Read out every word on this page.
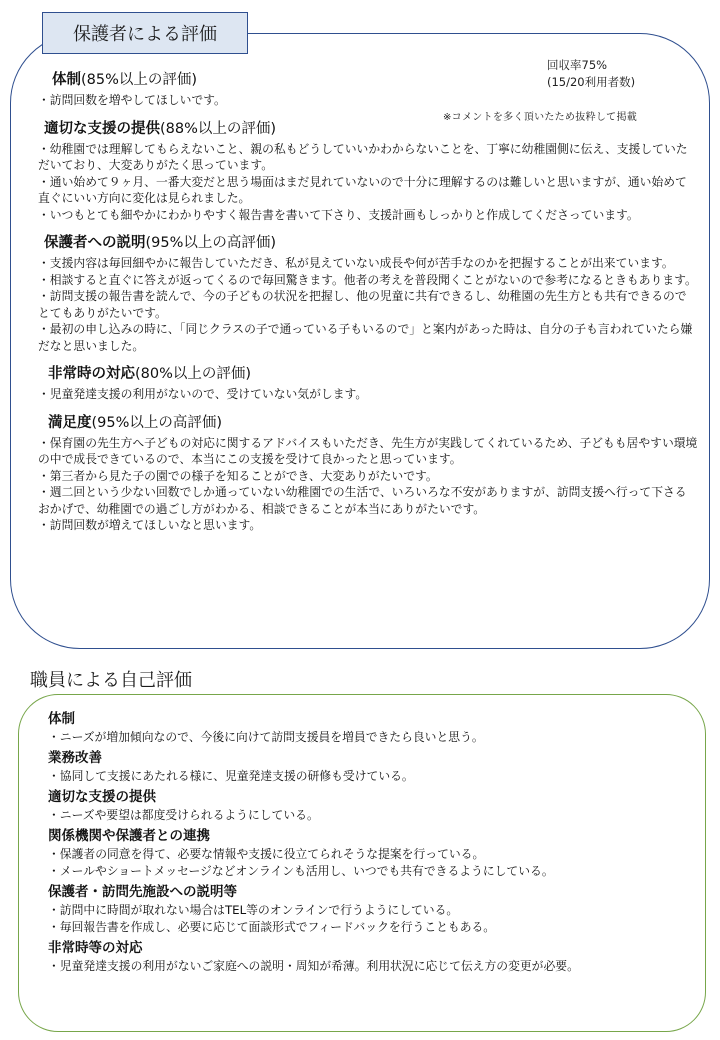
保護者による評価
回収率75%
(15/20利用者数)
※コメントを多く頂いたため抜粋して掲載
体制(85%以上の評価)
・訪問回数を増やしてほしいです。
適切な支援の提供(88%以上の評価)
・幼稚園では理解してもらえないこと、親の私もどうしていいかわからないことを、丁寧に幼稚園側に伝え、支援していただいており、大変ありがたく思っています。
・通い始めて９ヶ月、一番大変だと思う場面はまだ見れていないので十分に理解するのは難しいと思いますが、通い始めて直ぐにいい方向に変化は見られました。
・いつもとても細やかにわかりやすく報告書を書いて下さり、支援計画もしっかりと作成してくださっています。
保護者への説明(95%以上の高評価)
・支援内容は毎回細やかに報告していただき、私が見えていない成長や何が苦手なのかを把握することが出来ています。
・相談すると直ぐに答えが返ってくるので毎回驚きます。他者の考えを普段聞くことがないので参考になるときもあります。
・訪問支援の報告書を読んで、今の子どもの状況を把握し、他の児童に共有できるし、幼稚園の先生方とも共有できるのでとてもありがたいです。
・最初の申し込みの時に、「同じクラスの子で通っている子もいるので」と案内があった時は、自分の子も言われていたら嫌だなと思いました。
非常時の対応(80%以上の評価)
・児童発達支援の利用がないので、受けていない気がします。
満足度(95%以上の高評価)
・保育園の先生方へ子どもの対応に関するアドバイスもいただき、先生方が実践してくれているため、子どもも居やすい環境の中で成長できているので、本当にこの支援を受けて良かったと思っています。
・第三者から見た子の園での様子を知ることができ、大変ありがたいです。
・週二回という少ない回数でしか通っていない幼稚園での生活で、いろいろな不安がありますが、訪問支援へ行って下さるおかげで、幼稚園での過ごし方がわかる、相談できることが本当にありがたいです。
・訪問回数が増えてほしいなと思います。
職員による自己評価
体制
・ニーズが増加傾向なので、今後に向けて訪問支援員を増員できたら良いと思う。
業務改善
・協同して支援にあたれる様に、児童発達支援の研修も受けている。
適切な支援の提供
・ニーズや要望は都度受けられるようにしている。
関係機関や保護者との連携
・保護者の同意を得て、必要な情報や支援に役立てられそうな提案を行っている。
・メールやショートメッセージなどオンラインも活用し、いつでも共有できるようにしている。
保護者・訪問先施設への説明等
・訪問中に時間が取れない場合はTEL等のオンラインで行うようにしている。
・毎回報告書を作成し、必要に応じて面談形式でフィードバックを行うこともある。
非常時等の対応
・児童発達支援の利用がないご家庭への説明・周知が希薄。利用状況に応じて伝え方の変更が必要。
